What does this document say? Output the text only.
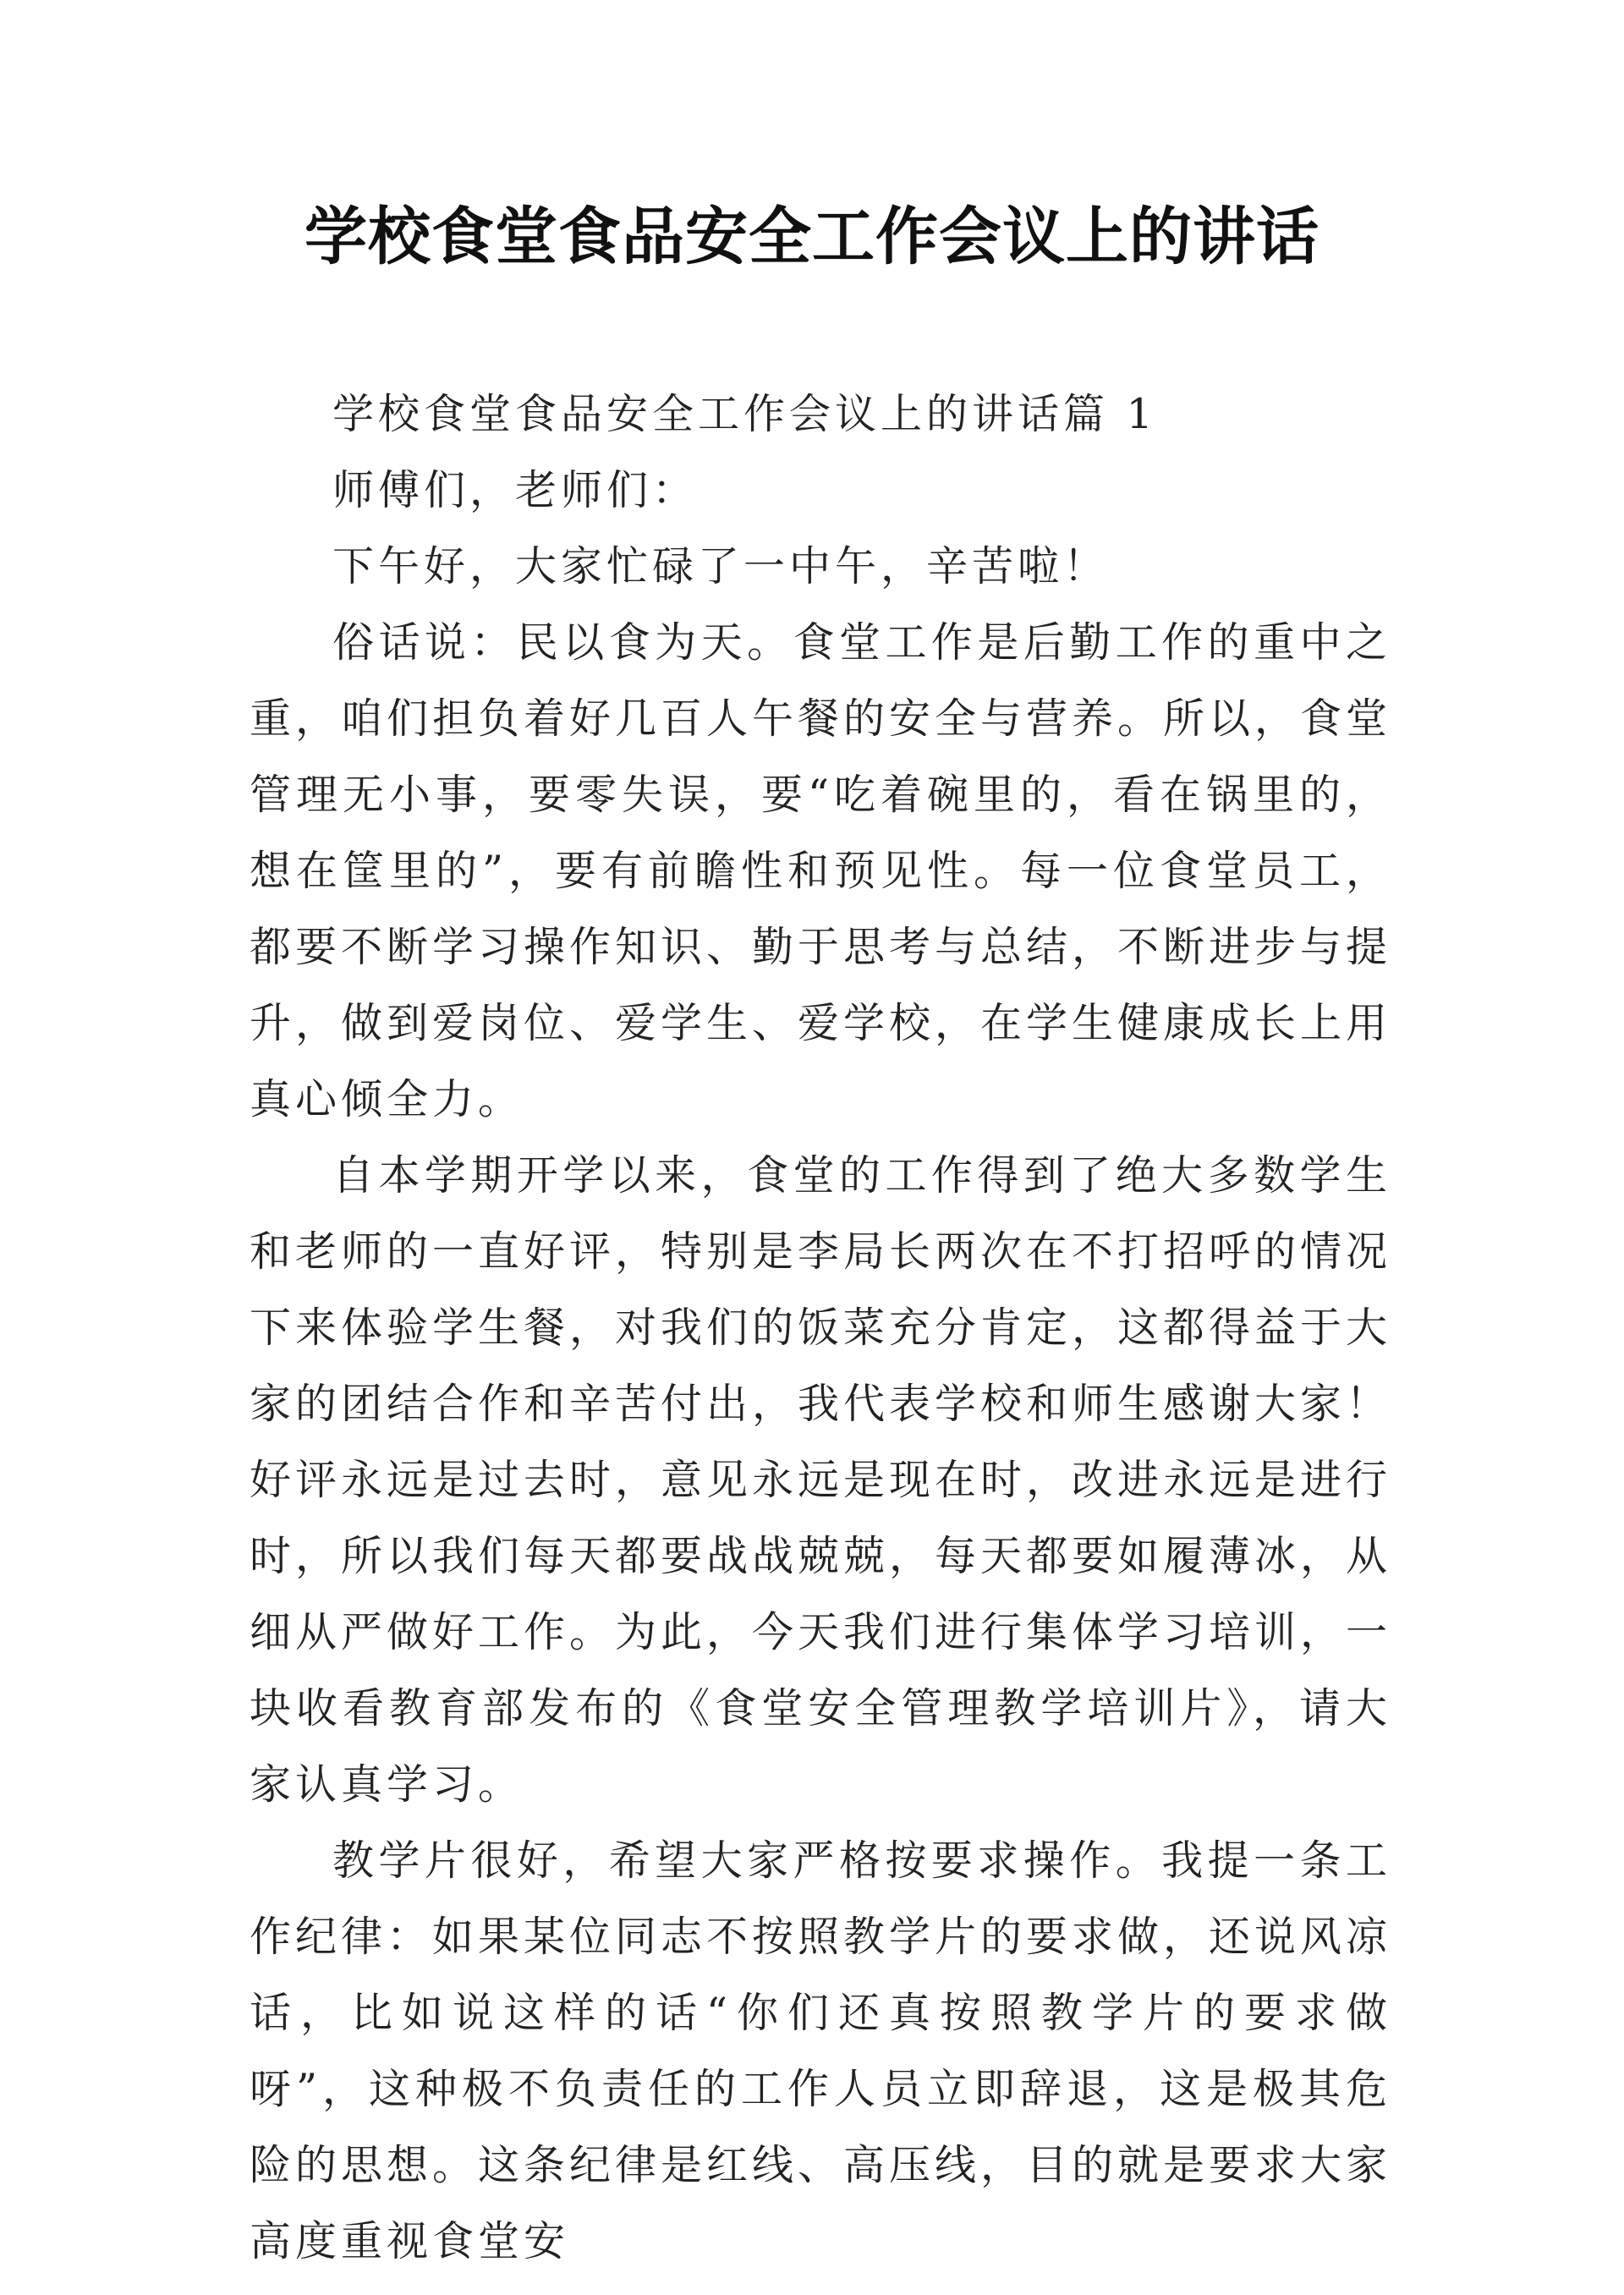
学校食堂食品安全工作会议上的讲话

学校食堂食品安全工作会议上的讲话篇 1

师傅们，老师们：

下午好，大家忙碌了一中午，辛苦啦！

俗话说：民以食为天。食堂工作是后勤工作的重中之重，咱们担负着好几百人午餐的安全与营养。所以，食堂管理无小事，要零失误，要“吃着碗里的，看在锅里的，想在筐里的”，要有前瞻性和预见性。每一位食堂员工，都要不断学习操作知识、勤于思考与总结，不断进步与提升，做到爱岗位、爱学生、爱学校，在学生健康成长上用真心倾全力。

自本学期开学以来，食堂的工作得到了绝大多数学生和老师的一直好评，特别是李局长两次在不打招呼的情况下来体验学生餐，对我们的饭菜充分肯定，这都得益于大家的团结合作和辛苦付出，我代表学校和师生感谢大家！好评永远是过去时，意见永远是现在时，改进永远是进行时，所以我们每天都要战战兢兢，每天都要如履薄冰，从细从严做好工作。为此，今天我们进行集体学习培训，一块收看教育部发布的《食堂安全管理教学培训片》，请大家认真学习。

教学片很好，希望大家严格按要求操作。我提一条工作纪律：如果某位同志不按照教学片的要求做，还说风凉话，比如说这样的话“你们还真按照教学片的要求做呀”，这种极不负责任的工作人员立即辞退，这是极其危险的思想。这条纪律是红线、高压线，目的就是要求大家高度重视食堂安
